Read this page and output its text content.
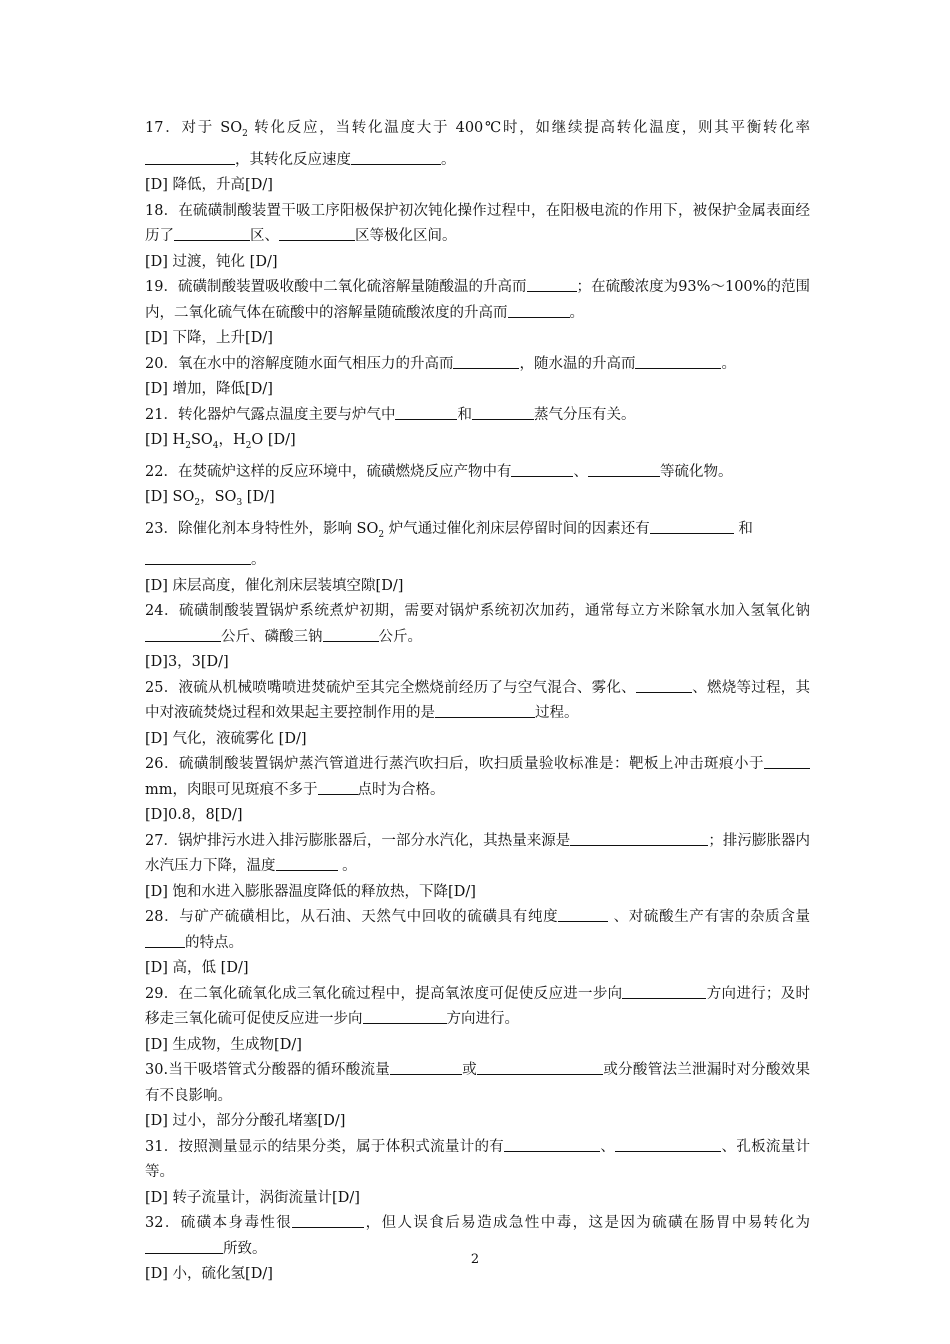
17．对于 $SO_2$ 转化反应，当转化温度大于 400℃时，如继续提高转化温度，则其平衡转化率，其转化反应速度	。

[D] 降低，升高[D/]

18．在硫磺制酸装置干吸工序阳极保护初次钝化操作过程中，在阳极电流的作用下，被保护金属表面经历了	区、	区等极化区间。

[D] 过渡，钝化 [D/]

19．硫磺制酸装置吸收酸中二氧化硫溶解量随酸温的升高而	；在硫酸浓度为93%～100%的范围内，二氧化硫气体在硫酸中的溶解量随硫酸浓度的升高而	。

[D] 下降，上升[D/]

20．氧在水中的溶解度随水面气相压力的升高而	，随水温的升高而	。

[D] 增加，降低[D/]

21．转化器炉气露点温度主要与炉气中	和	蒸气分压有关。

[D] $H_2SO_4$，$H_2O$ [D/]

22．在焚硫炉这样的反应环境中，硫磺燃烧反应产物中有	、	等硫化物。

[D] $SO_2$，$SO_3$ [D/]

23．除催化剂本身特性外，影响 $SO_2$ 炉气通过催化剂床层停留时间的因素还有	和
。

[D] 床层高度，催化剂床层装填空隙[D/]

24．硫磺制酸装置锅炉系统煮炉初期，需要对锅炉系统初次加药，通常每立方米除氧水加入氢氧化钠公斤、磷酸三钠	公斤。

[D]3，3[D/]

25．液硫从机械喷嘴喷进焚硫炉至其完全燃烧前经历了与空气混合、雾化、	、燃烧等过程，其中对液硫焚烧过程和效果起主要控制作用的是	过程。

[D] 气化，液硫雾化 [D/]

26．硫磺制酸装置锅炉蒸汽管道进行蒸汽吹扫后，吹扫质量验收标准是：靶板上冲击斑痕小于mm，肉眼可见斑痕不多于	点时为合格。

[D]0.8，8[D/]

27．锅炉排污水进入排污膨胀器后，一部分水汽化，其热量来源是	；排污膨胀器内水汽压力下降，温度	。

[D] 饱和水进入膨胀器温度降低的释放热，下降[D/]

28．与矿产硫磺相比，从石油、天然气中回收的硫磺具有纯度	、对硫酸生产有害的杂质含量的特点。

[D] 高，低 [D/]

29．在二氧化硫氧化成三氧化硫过程中，提高氧浓度可促使反应进一步向	方向进行；及时移走三氧化硫可促使反应进一步向	方向进行。

[D] 生成物，生成物[D/]

30.当干吸塔管式分酸器的循环酸流量	或	或分酸管法兰泄漏时对分酸效果有不良影响。

[D] 过小，部分分酸孔堵塞[D/]

31．按照测量显示的结果分类，属于体积式流量计的有	、	、孔板流量计等。

[D] 转子流量计，涡街流量计[D/]

32．硫磺本身毒性很	，但人误食后易造成急性中毒，这是因为硫磺在肠胃中易转化为所致。

[D] 小，硫化氢[D/]

2
